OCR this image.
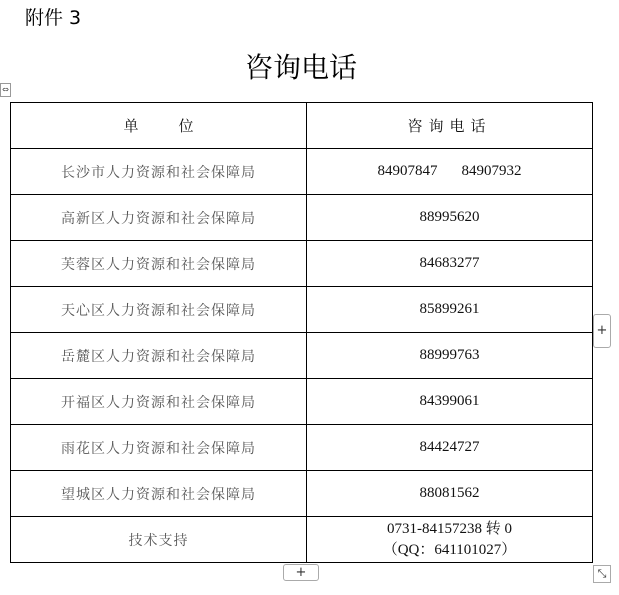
附件 3
咨询电话
⇔
单位	咨询电话
长沙市人力资源和社会保障局	84907847 84907932
高新区人力资源和社会保障局	88995620
芙蓉区人力资源和社会保障局	84683277
天心区人力资源和社会保障局	85899261
岳麓区人力资源和社会保障局	88999763
开福区人力资源和社会保障局	84399061
雨花区人力资源和社会保障局	84424727
望城区人力资源和社会保障局	88081562
技术支持	0731-84157238 转 0
（QQ：641101027）
+
+	⤡
